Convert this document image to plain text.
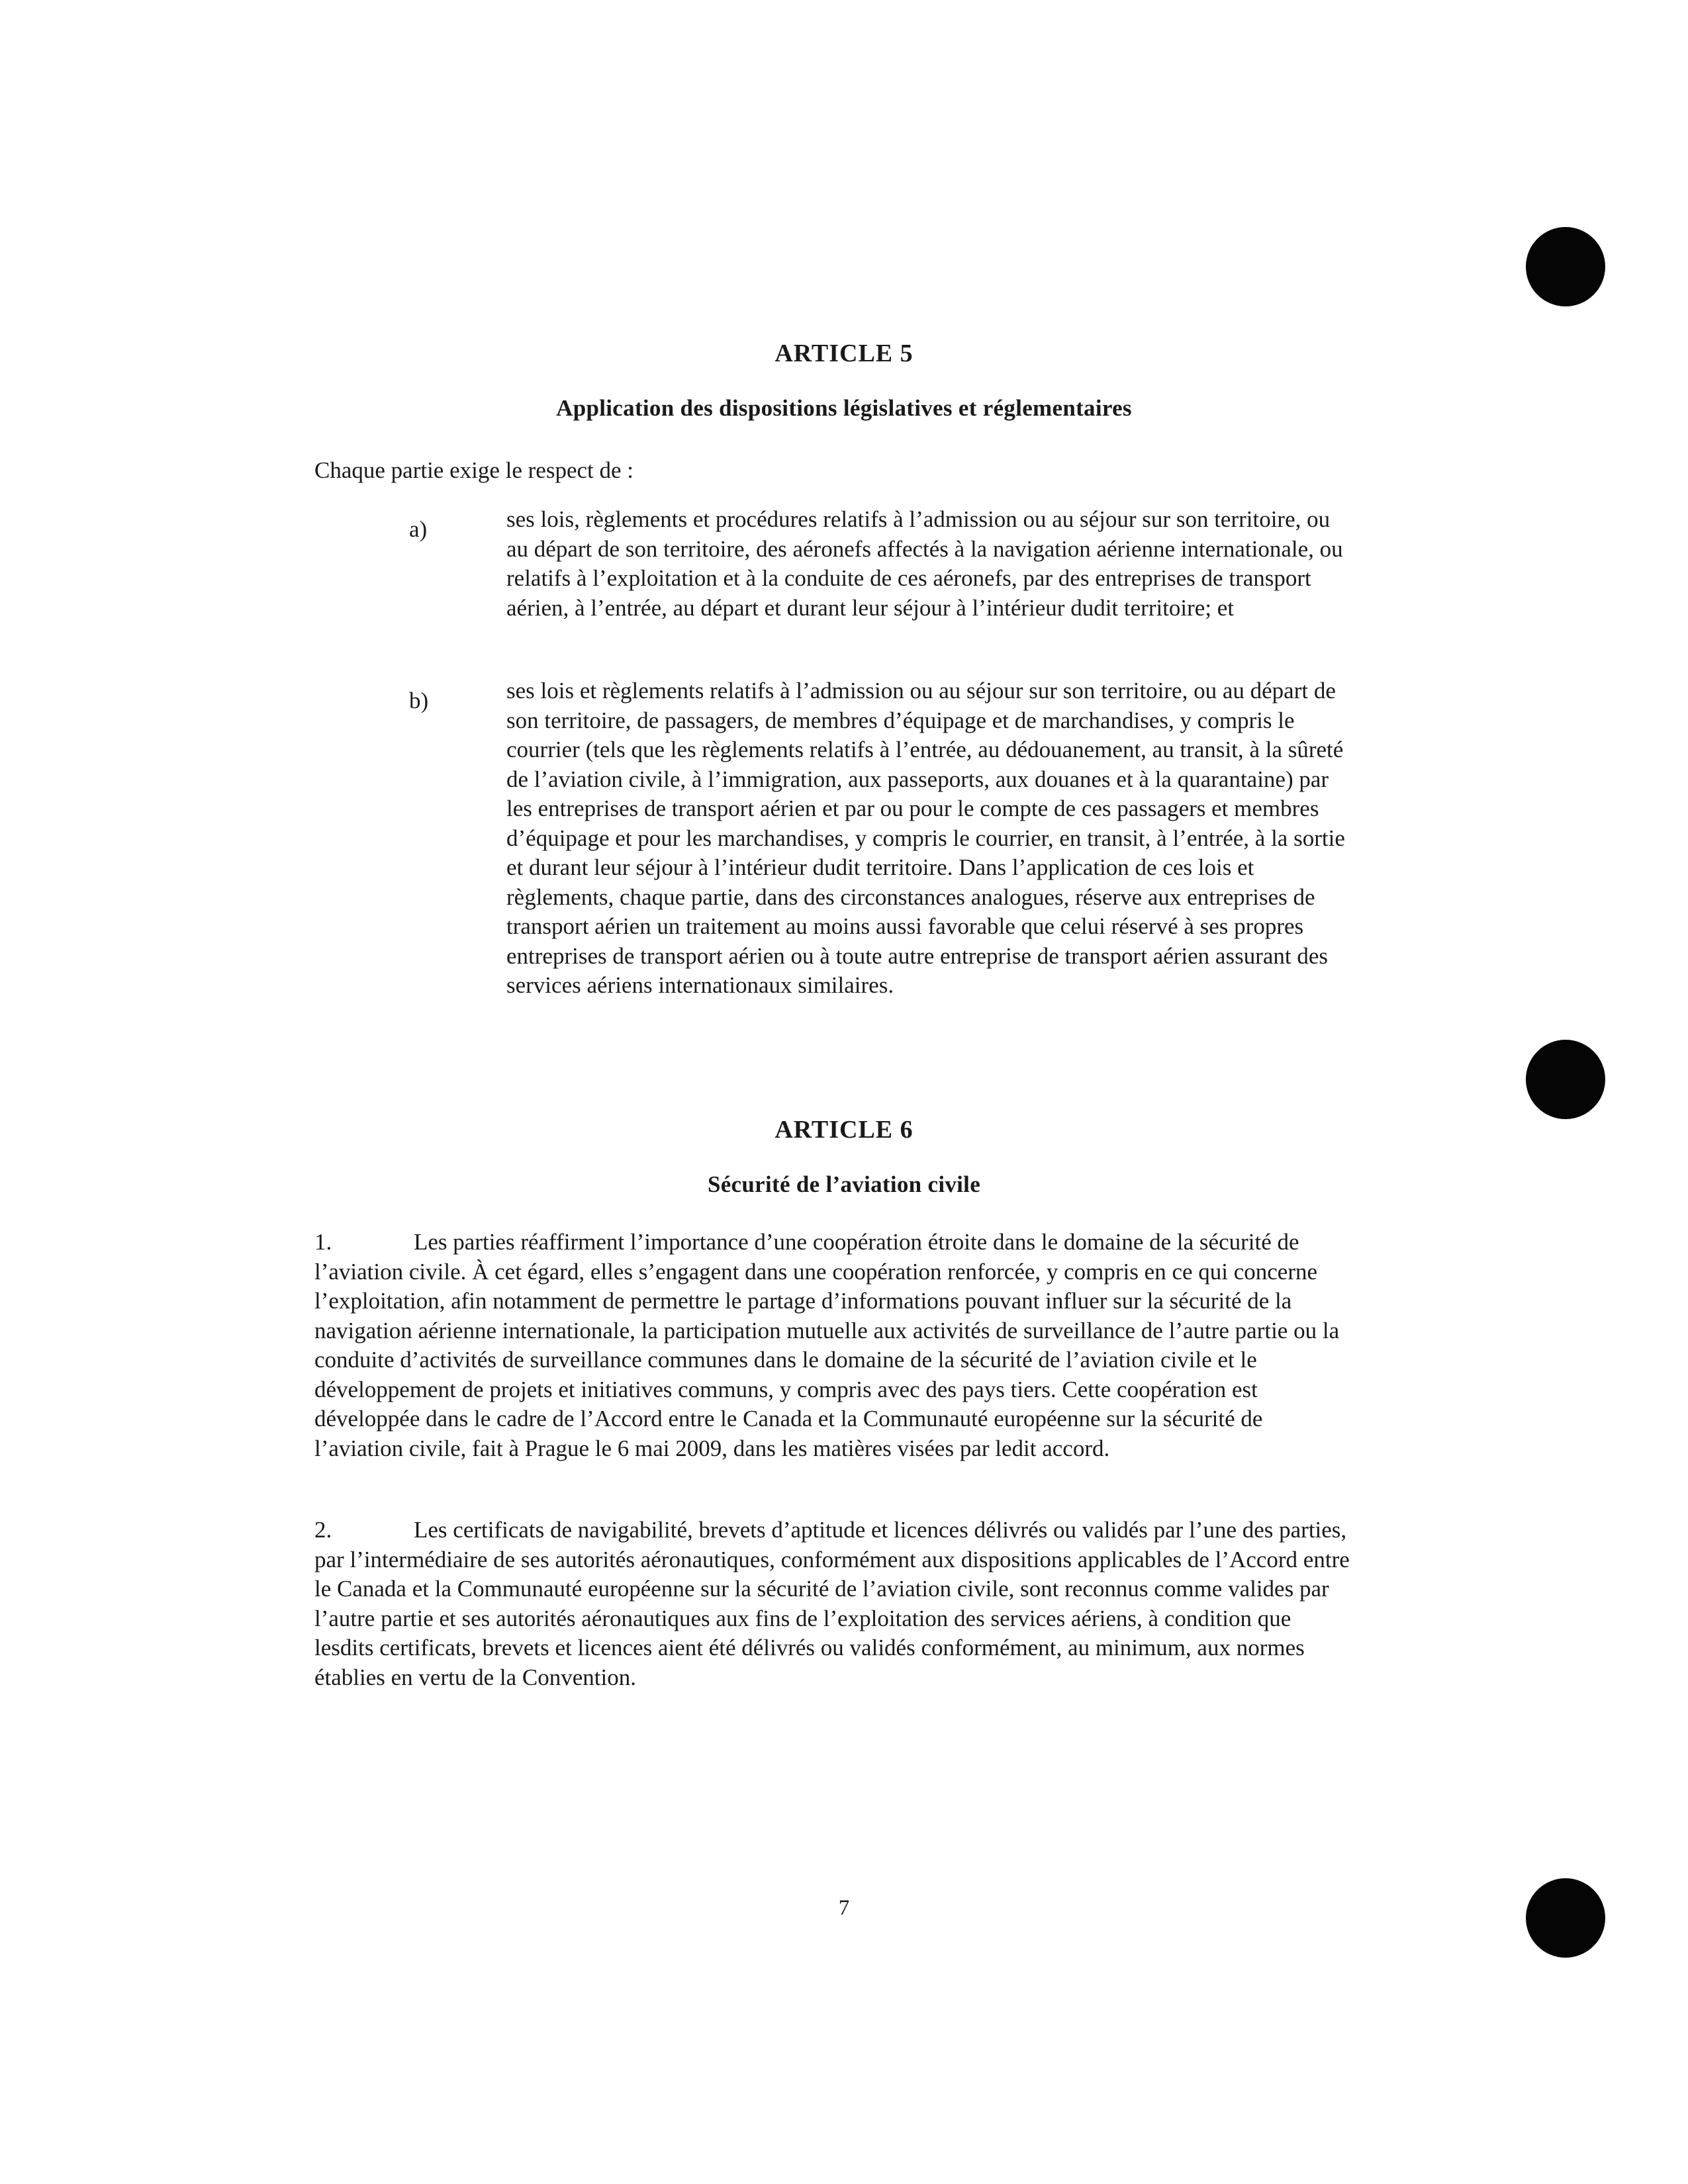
ARTICLE 5
Application des dispositions législatives et réglementaires
Chaque partie exige le respect de :
a)	ses lois, règlements et procédures relatifs à l’admission ou au séjour sur son territoire, ou au départ de son territoire, des aéronefs affectés à la navigation aérienne internationale, ou relatifs à l’exploitation et à la conduite de ces aéronefs, par des entreprises de transport aérien, à l’entrée, au départ et durant leur séjour à l’intérieur dudit territoire; et
b)	ses lois et règlements relatifs à l’admission ou au séjour sur son territoire, ou au départ de son territoire, de passagers, de membres d’équipage et de marchandises, y compris le courrier (tels que les règlements relatifs à l’entrée, au dédouanement, au transit, à la sûreté de l’aviation civile, à l’immigration, aux passeports, aux douanes et à la quarantaine) par les entreprises de transport aérien et par ou pour le compte de ces passagers et membres d’équipage et pour les marchandises, y compris le courrier, en transit, à l’entrée, à la sortie et durant leur séjour à l’intérieur dudit territoire. Dans l’application de ces lois et règlements, chaque partie, dans des circonstances analogues, réserve aux entreprises de transport aérien un traitement au moins aussi favorable que celui réservé à ses propres entreprises de transport aérien ou à toute autre entreprise de transport aérien assurant des services aériens internationaux similaires.
ARTICLE 6
Sécurité de l’aviation civile
1.	Les parties réaffirment l’importance d’une coopération étroite dans le domaine de la sécurité de l’aviation civile. À cet égard, elles s’engagent dans une coopération renforcée, y compris en ce qui concerne l’exploitation, afin notamment de permettre le partage d’informations pouvant influer sur la sécurité de la navigation aérienne internationale, la participation mutuelle aux activités de surveillance de l’autre partie ou la conduite d’activités de surveillance communes dans le domaine de la sécurité de l’aviation civile et le développement de projets et initiatives communs, y compris avec des pays tiers. Cette coopération est développée dans le cadre de l’Accord entre le Canada et la Communauté européenne sur la sécurité de l’aviation civile, fait à Prague le 6 mai 2009, dans les matières visées par ledit accord.
2.	Les certificats de navigabilité, brevets d’aptitude et licences délivrés ou validés par l’une des parties, par l’intermédiaire de ses autorités aéronautiques, conformément aux dispositions applicables de l’Accord entre le Canada et la Communauté européenne sur la sécurité de l’aviation civile, sont reconnus comme valides par l’autre partie et ses autorités aéronautiques aux fins de l’exploitation des services aériens, à condition que lesdits certificats, brevets et licences aient été délivrés ou validés conformément, au minimum, aux normes établies en vertu de la Convention.
7
